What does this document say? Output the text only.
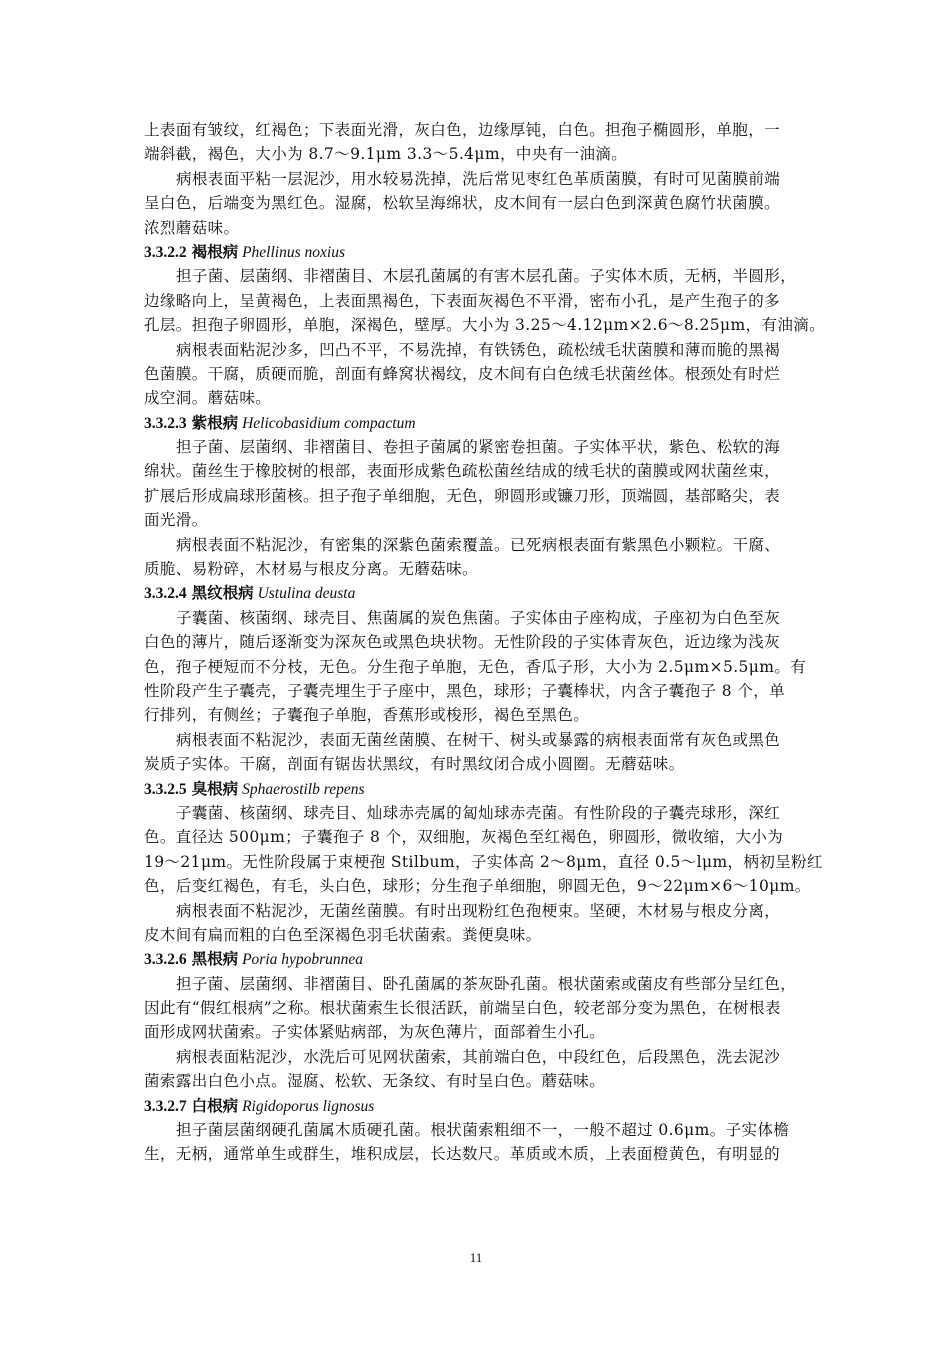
上表面有皱纹，红褐色；下表面光滑，灰白色，边缘厚钝，白色。担孢子椭圆形，单胞，一
端斜截，褐色，大小为 8.7～9.1μm 3.3～5.4μm，中央有一油滴。
病根表面平粘一层泥沙，用水较易洗掉，洗后常见枣红色革质菌膜，有时可见菌膜前端
呈白色，后端变为黑红色。湿腐，松软呈海绵状，皮木间有一层白色到深黄色腐竹状菌膜。
浓烈蘑菇味。
3.3.2.2 褐根病 Phellinus noxius
担子菌、层菌纲、非褶菌目、木层孔菌属的有害木层孔菌。子实体木质，无柄，半圆形，
边缘略向上，呈黄褐色，上表面黑褐色，下表面灰褐色不平滑，密布小孔，是产生孢子的多
孔层。担孢子卵圆形，单胞，深褐色，壁厚。大小为 3.25～4.12μm×2.6～8.25μm，有油滴。
病根表面粘泥沙多，凹凸不平，不易洗掉，有铁锈色，疏松绒毛状菌膜和薄而脆的黑褐
色菌膜。干腐，质硬而脆，剖面有蜂窝状褐纹，皮木间有白色绒毛状菌丝体。根颈处有时烂
成空洞。蘑菇味。
3.3.2.3 紫根病 Helicobasidium compactum
担子菌、层菌纲、非褶菌目、卷担子菌属的紧密卷担菌。子实体平状，紫色、松软的海
绵状。菌丝生于橡胶树的根部，表面形成紫色疏松菌丝结成的绒毛状的菌膜或网状菌丝束，
扩展后形成扁球形菌核。担子孢子单细胞，无色，卵圆形或镰刀形，顶端圆，基部略尖，表
面光滑。
病根表面不粘泥沙，有密集的深紫色菌索覆盖。已死病根表面有紫黑色小颗粒。干腐、
质脆、易粉碎，木材易与根皮分离。无蘑菇味。
3.3.2.4 黑纹根病 Ustulina deusta
子囊菌、核菌纲、球壳目、焦菌属的炭色焦菌。子实体由子座构成，子座初为白色至灰
白色的薄片，随后逐渐变为深灰色或黑色块状物。无性阶段的子实体青灰色，近边缘为浅灰
色，孢子梗短而不分枝，无色。分生孢子单胞，无色，香瓜子形，大小为 2.5μm×5.5μm。有
性阶段产生子囊壳，子囊壳埋生于子座中，黑色，球形；子囊棒状，内含子囊孢子 8 个，单
行排列，有侧丝；子囊孢子单胞，香蕉形或梭形，褐色至黑色。
病根表面不粘泥沙，表面无菌丝菌膜、在树干、树头或暴露的病根表面常有灰色或黑色
炭质子实体。干腐，剖面有锯齿状黑纹，有时黑纹闭合成小圆圈。无蘑菇味。
3.3.2.5 臭根病 Sphaerostilb repens
子囊菌、核菌纲、球壳目、灿球赤壳属的匐灿球赤壳菌。有性阶段的子囊壳球形，深红
色。直径达 500μm；子囊孢子 8 个，双细胞，灰褐色至红褐色，卵圆形，微收缩，大小为
19～21μm。无性阶段属于束梗孢 Stilbum，子实体高 2～8μm，直径 0.5～lμm，柄初呈粉红
色，后变红褐色，有毛，头白色，球形；分生孢子单细胞，卵圆无色，9～22μm×6～10μm。
病根表面不粘泥沙，无菌丝菌膜。有时出现粉红色孢梗束。坚硬，木材易与根皮分离，
皮木间有扁而粗的白色至深褐色羽毛状菌索。粪便臭味。
3.3.2.6 黑根病 Poria hypobrunnea
担子菌、层菌纲、非褶菌目、卧孔菌属的茶灰卧孔菌。根状菌索或菌皮有些部分呈红色，
因此有“假红根病”之称。根状菌索生长很活跃，前端呈白色，较老部分变为黑色，在树根表
面形成网状菌索。子实体紧贴病部，为灰色薄片，面部着生小孔。
病根表面粘泥沙，水洗后可见网状菌索，其前端白色，中段红色，后段黑色，洗去泥沙
菌索露出白色小点。湿腐、松软、无条纹、有时呈白色。蘑菇味。
3.3.2.7 白根病 Rigidoporus lignosus
担子菌层菌纲硬孔菌属木质硬孔菌。根状菌索粗细不一，一般不超过 0.6μm。子实体檐
生，无柄，通常单生或群生，堆积成层，长达数尺。革质或木质，上表面橙黄色，有明显的
11
